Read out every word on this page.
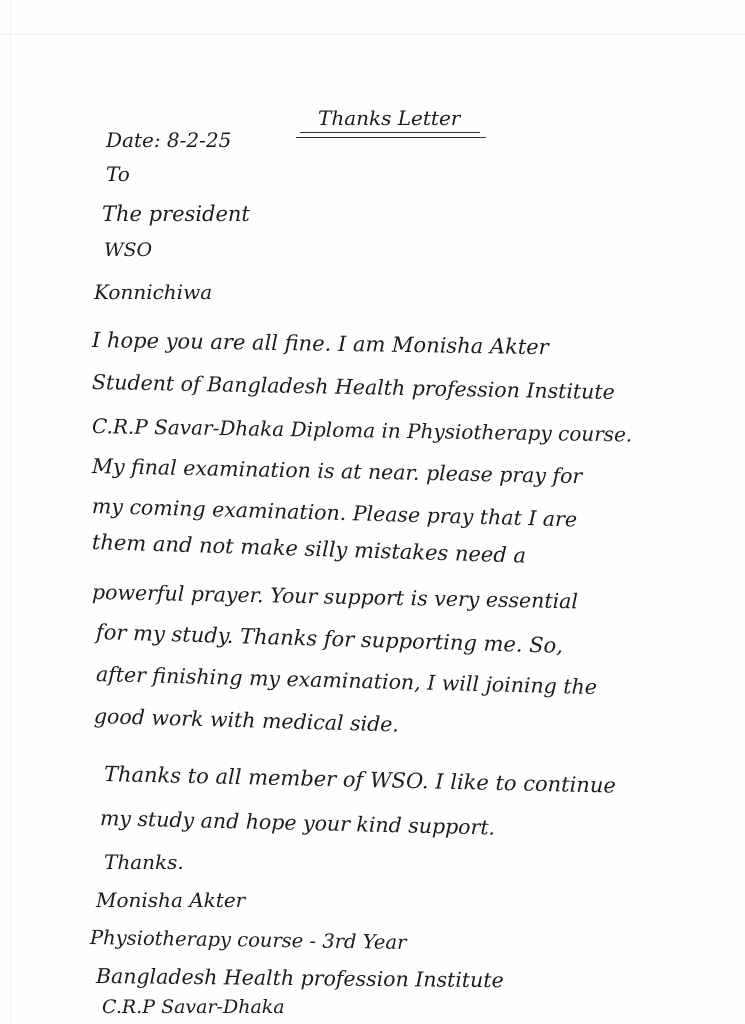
Thanks Letter
Date: 8-2-25
To
The president
WSO
Konnichiwa
I hope you are all fine. I am Monisha Akter
Student of Bangladesh Health profession Institute
C.R.P Savar-Dhaka Diploma in Physiotherapy course.
My final examination is at near. please pray for
my coming examination. Please pray that I are
them and not make silly mistakes need a
powerful prayer. Your support is very essential
for my study. Thanks for supporting me. So,
after finishing my examination, I will joining the
good work with medical side.
Thanks to all member of WSO. I like to continue
my study and hope your kind support.
Thanks.
Monisha Akter
Physiotherapy course - 3rd Year
Bangladesh Health profession Institute
C.R.P Savar-Dhaka
